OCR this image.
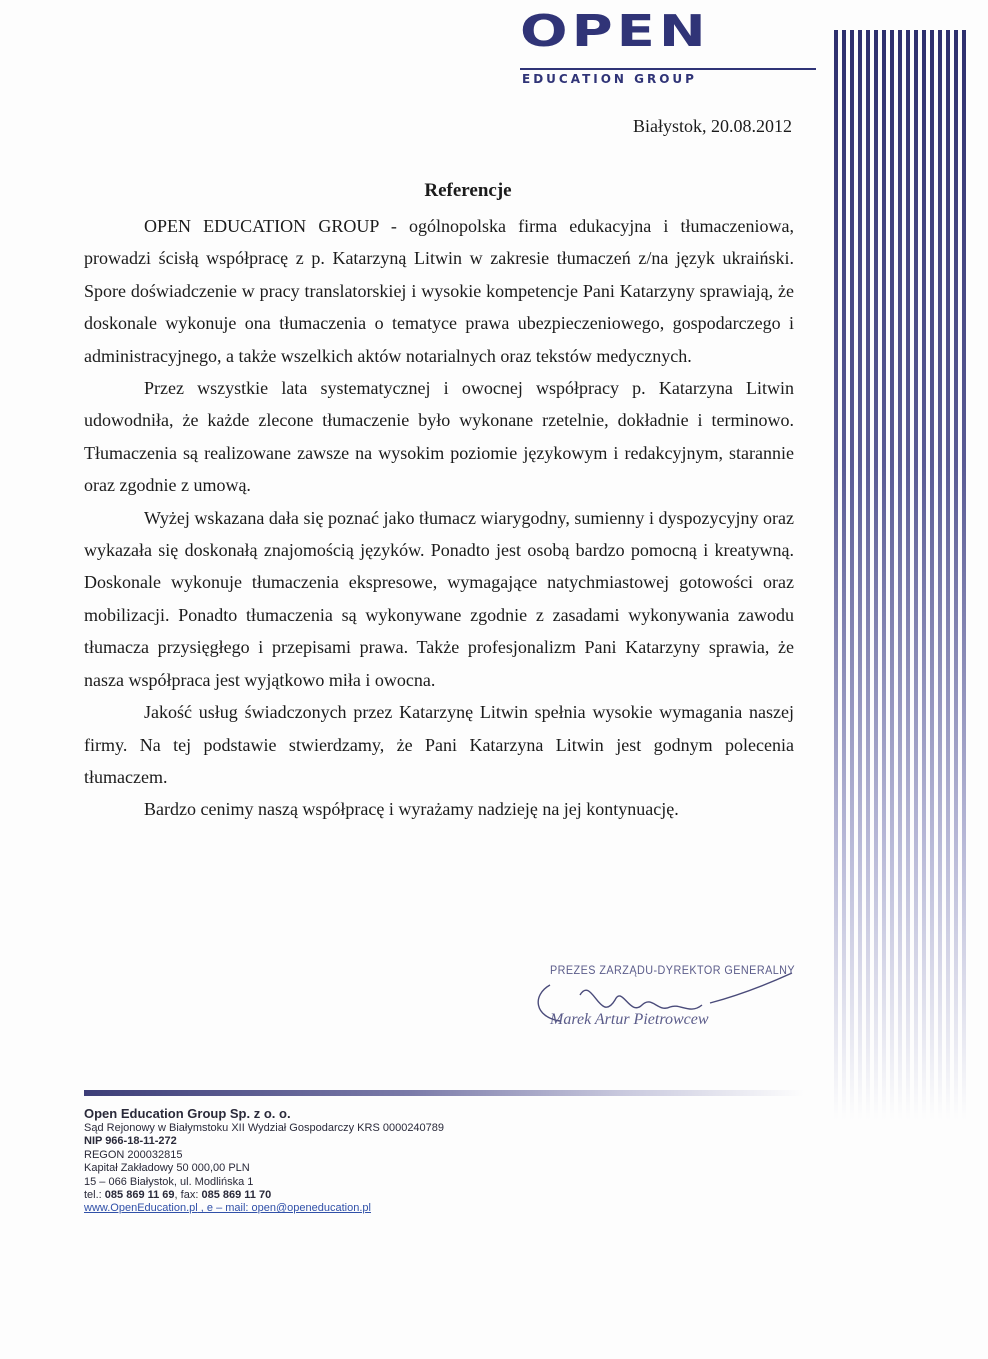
OPEN
EDUCATION GROUP
Białystok, 20.08.2012
Referencje

OPEN EDUCATION GROUP - ogólnopolska firma edukacyjna i tłumaczeniowa, prowadzi ścisłą współpracę z p. Katarzyną Litwin w zakresie tłumaczeń z/na język ukraiński. Spore doświadczenie w pracy translatorskiej i wysokie kompetencje Pani Katarzyny sprawiają, że doskonale wykonuje ona tłumaczenia o tematyce prawa ubezpieczeniowego, gospodarczego i administracyjnego, a także wszelkich aktów notarialnych oraz tekstów medycznych.

Przez wszystkie lata systematycznej i owocnej współpracy p. Katarzyna Litwin udowodniła, że każde zlecone tłumaczenie było wykonane rzetelnie, dokładnie i terminowo. Tłumaczenia są realizowane zawsze na wysokim poziomie językowym i redakcyjnym, starannie oraz zgodnie z umową.

Wyżej wskazana dała się poznać jako tłumacz wiarygodny, sumienny i dyspozycyjny oraz wykazała się doskonałą znajomością języków. Ponadto jest osobą bardzo pomocną i kreatywną. Doskonale wykonuje tłumaczenia ekspresowe, wymagające natychmiastowej gotowości oraz mobilizacji. Ponadto tłumaczenia są wykonywane zgodnie z zasadami wykonywania zawodu tłumacza przysięgłego i przepisami prawa. Także profesjonalizm Pani Katarzyny sprawia, że nasza współpraca jest wyjątkowo miła i owocna.

Jakość usług świadczonych przez Katarzynę Litwin spełnia wysokie wymagania naszej firmy. Na tej podstawie stwierdzamy, że Pani Katarzyna Litwin jest godnym polecenia tłumaczem.

Bardzo cenimy naszą współpracę i wyrażamy nadzieję na jej kontynuację.

PREZES ZARZĄDU-DYREKTOR GENERALNY
Marek Artur Pietrowcew
Open Education Group Sp. z o. o.
Sąd Rejonowy w Białymstoku XII Wydział Gospodarczy KRS 0000240789
NIP 966-18-11-272
REGON 200032815
Kapitał Zakładowy 50 000,00 PLN
15 – 066 Białystok, ul. Modlińska 1
tel.: 085 869 11 69, fax: 085 869 11 70
www.OpenEducation.pl , e – mail: open@openeducation.pl
